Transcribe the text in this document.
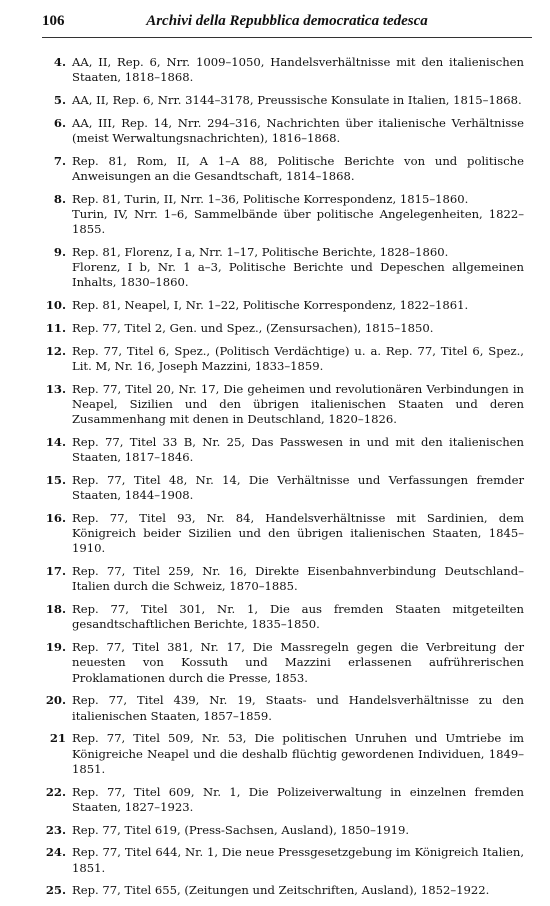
106	Archivi della Repubblica democratica tedesca
4. AA, II, Rep. 6, Nrr. 1009–1050, Handelsverhältnisse mit den italienischen Staaten, 1818–1868.
5. AA, II, Rep. 6, Nrr. 3144–3178, Preussische Konsulate in Italien, 1815–1868.
6. AA, III, Rep. 14, Nrr. 294–316, Nachrichten über italienische Verhältnisse (meist Werwaltungsnachrichten), 1816–1868.
7. Rep. 81, Rom, II, A 1–A 88, Politische Berichte von und politische Anweisungen an die Gesandtschaft, 1814–1868.
8. Rep. 81, Turin, II, Nrr. 1–36, Politische Korrespondenz, 1815–1860.
Turin, IV, Nrr. 1–6, Sammelbände über politische Angelegenheiten, 1822–1855.
9. Rep. 81, Florenz, I a, Nrr. 1–17, Politische Berichte, 1828–1860.
Florenz, I b, Nr. 1 a–3, Politische Berichte und Depeschen allgemeinen Inhalts, 1830–1860.
10. Rep. 81, Neapel, I, Nr. 1–22, Politische Korrespondenz, 1822–1861.
11. Rep. 77, Titel 2, Gen. und Spez., (Zensursachen), 1815–1850.
12. Rep. 77, Titel 6, Spez., (Politisch Verdächtige) u. a. Rep. 77, Titel 6, Spez., Lit. M, Nr. 16, Joseph Mazzini, 1833–1859.
13. Rep. 77, Titel 20, Nr. 17, Die geheimen und revolutionären Verbindungen in Neapel, Sizilien und den übrigen italienischen Staaten und deren Zusammenhang mit denen in Deutschland, 1820–1826.
14. Rep. 77, Titel 33 B, Nr. 25, Das Passwesen in und mit den italienischen Staaten, 1817–1846.
15. Rep. 77, Titel 48, Nr. 14, Die Verhältnisse und Verfassungen fremder Staaten, 1844–1908.
16. Rep. 77, Titel 93, Nr. 84, Handelsverhältnisse mit Sardinien, dem Königreich beider Sizilien und den übrigen italienischen Staaten, 1845–1910.
17. Rep. 77, Titel 259, Nr. 16, Direkte Eisenbahnverbindung Deutschland–Italien durch die Schweiz, 1870–1885.
18. Rep. 77, Titel 301, Nr. 1, Die aus fremden Staaten mitgeteilten gesandtschaftlichen Berichte, 1835–1850.
19. Rep. 77, Titel 381, Nr. 17, Die Massregeln gegen die Verbreitung der neuesten von Kossuth und Mazzini erlassenen aufrührerischen Proklamationen durch die Presse, 1853.
20. Rep. 77, Titel 439, Nr. 19, Staats- und Handelsverhältnisse zu den italienischen Staaten, 1857–1859.
21 Rep. 77, Titel 509, Nr. 53, Die politischen Unruhen und Umtriebe im Königreiche Neapel und die deshalb flüchtig gewordenen Individuen, 1849–1851.
22. Rep. 77, Titel 609, Nr. 1, Die Polizeiverwaltung in einzelnen fremden Staaten, 1827–1923.
23. Rep. 77, Titel 619, (Press-Sachsen, Ausland), 1850–1919.
24. Rep. 77, Titel 644, Nr. 1, Die neue Pressgesetzgebung im Königreich Italien, 1851.
25. Rep. 77, Titel 655, (Zeitungen und Zeitschriften, Ausland), 1852–1922.
